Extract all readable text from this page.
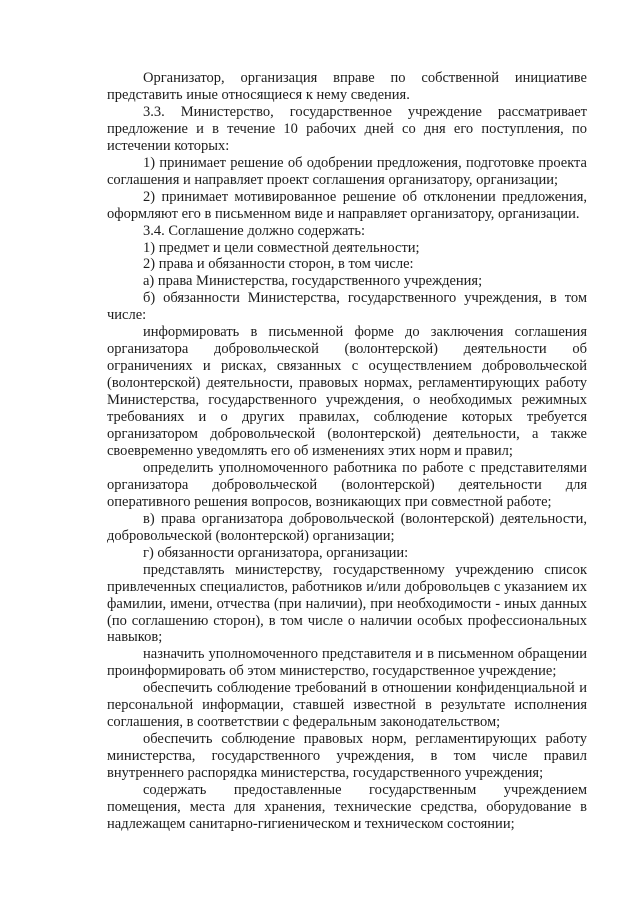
Организатор, организация вправе по собственной инициативе представить иные относящиеся к нему сведения.

3.3. Министерство, государственное учреждение рассматривает предложение и в течение 10 рабочих дней со дня его поступления, по истечении которых:

1) принимает решение об одобрении предложения, подготовке проекта соглашения и направляет проект соглашения организатору, организации;

2) принимает мотивированное решение об отклонении предложения, оформляют его в письменном виде и направляет организатору, организации.

3.4. Соглашение должно содержать:

1) предмет и цели совместной деятельности;

2) права и обязанности сторон, в том числе:

а) права Министерства, государственного учреждения;

б) обязанности Министерства, государственного учреждения, в том числе:

информировать в письменной форме до заключения соглашения организатора добровольческой (волонтерской) деятельности об ограничениях и рисках, связанных с осуществлением добровольческой (волонтерской) деятельности, правовых нормах, регламентирующих работу Министерства, государственного учреждения, о необходимых режимных требованиях и о других правилах, соблюдение которых требуется организатором добровольческой (волонтерской) деятельности, а также своевременно уведомлять его об изменениях этих норм и правил;

определить уполномоченного работника по работе с представителями организатора добровольческой (волонтерской) деятельности для оперативного решения вопросов, возникающих при совместной работе;

в) права организатора добровольческой (волонтерской) деятельности, добровольческой (волонтерской) организации;

г) обязанности организатора, организации:

представлять министерству, государственному учреждению список привлеченных специалистов, работников и/или добровольцев с указанием их фамилии, имени, отчества (при наличии), при необходимости - иных данных (по соглашению сторон), в том числе о наличии особых профессиональных навыков;

назначить уполномоченного представителя и в письменном обращении проинформировать об этом министерство, государственное учреждение;

обеспечить соблюдение требований в отношении конфиденциальной и персональной информации, ставшей известной в результате исполнения соглашения, в соответствии с федеральным законодательством;

обеспечить соблюдение правовых норм, регламентирующих работу министерства, государственного учреждения, в том числе правил внутреннего распорядка министерства, государственного учреждения;

содержать предоставленные государственным учреждением помещения, места для хранения, технические средства, оборудование в надлежащем санитарно-гигиеническом и техническом состоянии;
